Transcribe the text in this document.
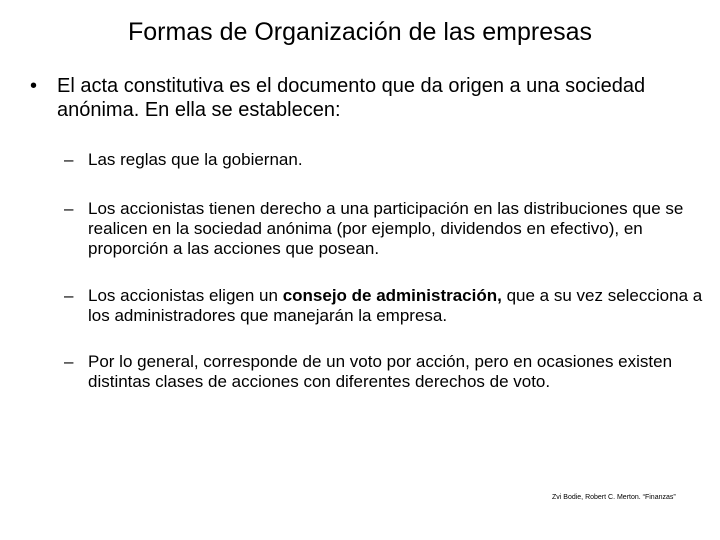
Formas de Organización de las empresas
• El acta constitutiva es el documento que da origen a una sociedad anónima. En ella se establecen:
– Las reglas que la gobiernan.
– Los accionistas tienen derecho a una participación en las distribuciones que se realicen en la sociedad anónima (por ejemplo, dividendos en efectivo), en proporción a las acciones que posean.
– Los accionistas eligen un consejo de administración, que a su vez selecciona a los administradores que manejarán la empresa.
– Por lo general, corresponde de un voto por acción, pero en ocasiones existen distintas clases de acciones con diferentes derechos de voto.
Zvi Bodie, Robert C. Merton. “Finanzas”
